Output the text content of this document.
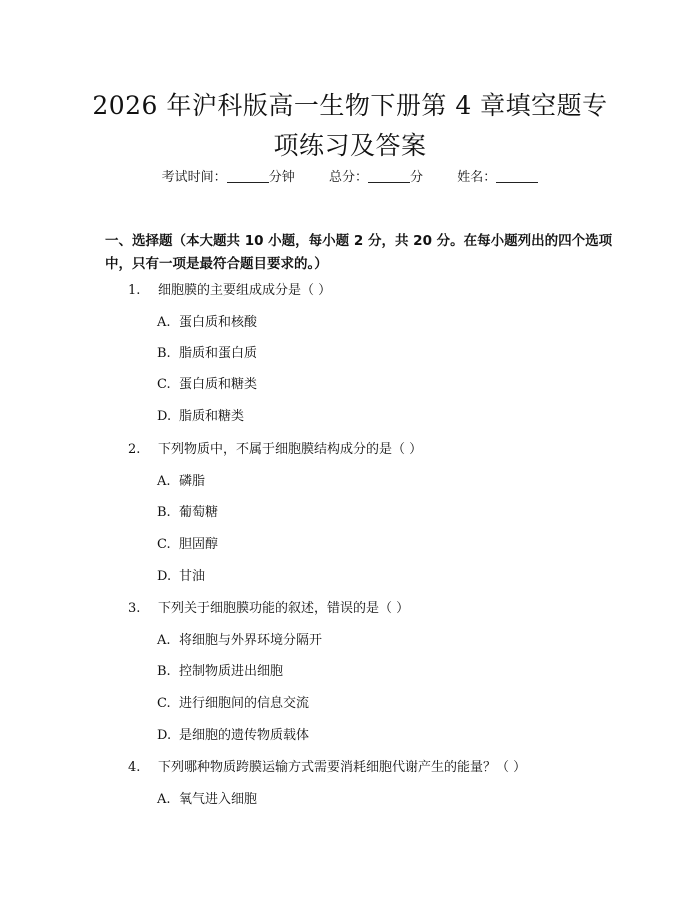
2026 年沪科版高一生物下册第 4 章填空题专
项练习及答案
考试时间：	分钟	总分：	分	姓名：
一、选择题（本大题共 10 小题，每小题 2 分，共 20 分。在每小题列出的四个选项中，只有一项是最符合题目要求的。）
1. 细胞膜的主要组成成分是（ ）
A. 蛋白质和核酸
B. 脂质和蛋白质
C. 蛋白质和糖类
D. 脂质和糖类
2. 下列物质中，不属于细胞膜结构成分的是（ ）
A. 磷脂
B. 葡萄糖
C. 胆固醇
D. 甘油
3. 下列关于细胞膜功能的叙述，错误的是（ ）
A. 将细胞与外界环境分隔开
B. 控制物质进出细胞
C. 进行细胞间的信息交流
D. 是细胞的遗传物质载体
4. 下列哪种物质跨膜运输方式需要消耗细胞代谢产生的能量？（ ）
A. 氧气进入细胞
